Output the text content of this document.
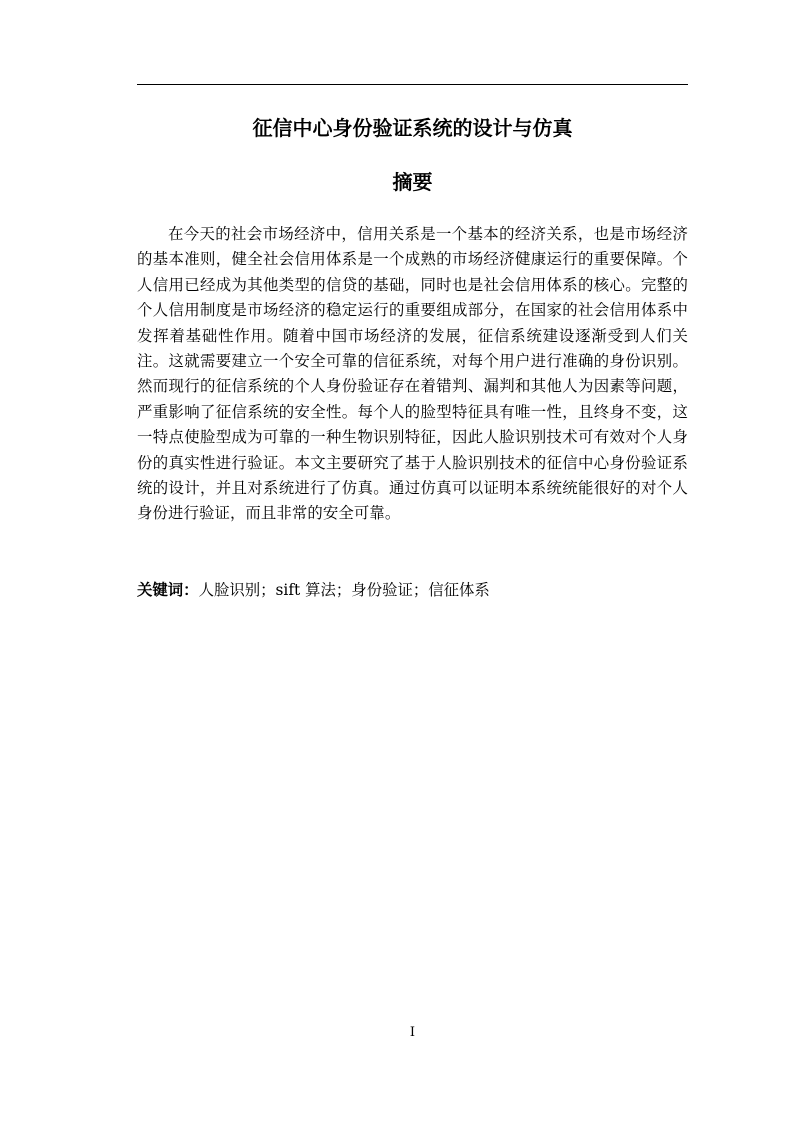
征信中心身份验证系统的设计与仿真
摘要

在今天的社会市场经济中，信用关系是一个基本的经济关系，也是市场经济的基本准则，健全社会信用体系是一个成熟的市场经济健康运行的重要保障。个人信用已经成为其他类型的信贷的基础，同时也是社会信用体系的核心。完整的个人信用制度是市场经济的稳定运行的重要组成部分，在国家的社会信用体系中发挥着基础性作用。随着中国市场经济的发展，征信系统建设逐渐受到人们关注。这就需要建立一个安全可靠的信征系统，对每个用户进行准确的身份识别。然而现行的征信系统的个人身份验证存在着错判、漏判和其他人为因素等问题，严重影响了征信系统的安全性。每个人的脸型特征具有唯一性，且终身不变，这一特点使脸型成为可靠的一种生物识别特征，因此人脸识别技术可有效对个人身份的真实性进行验证。本文主要研究了基于人脸识别技术的征信中心身份验证系统的设计，并且对系统进行了仿真。通过仿真可以证明本系统统能很好的对个人身份进行验证，而且非常的安全可靠。

关键词：人脸识别；sift 算法；身份验证；信征体系
I
